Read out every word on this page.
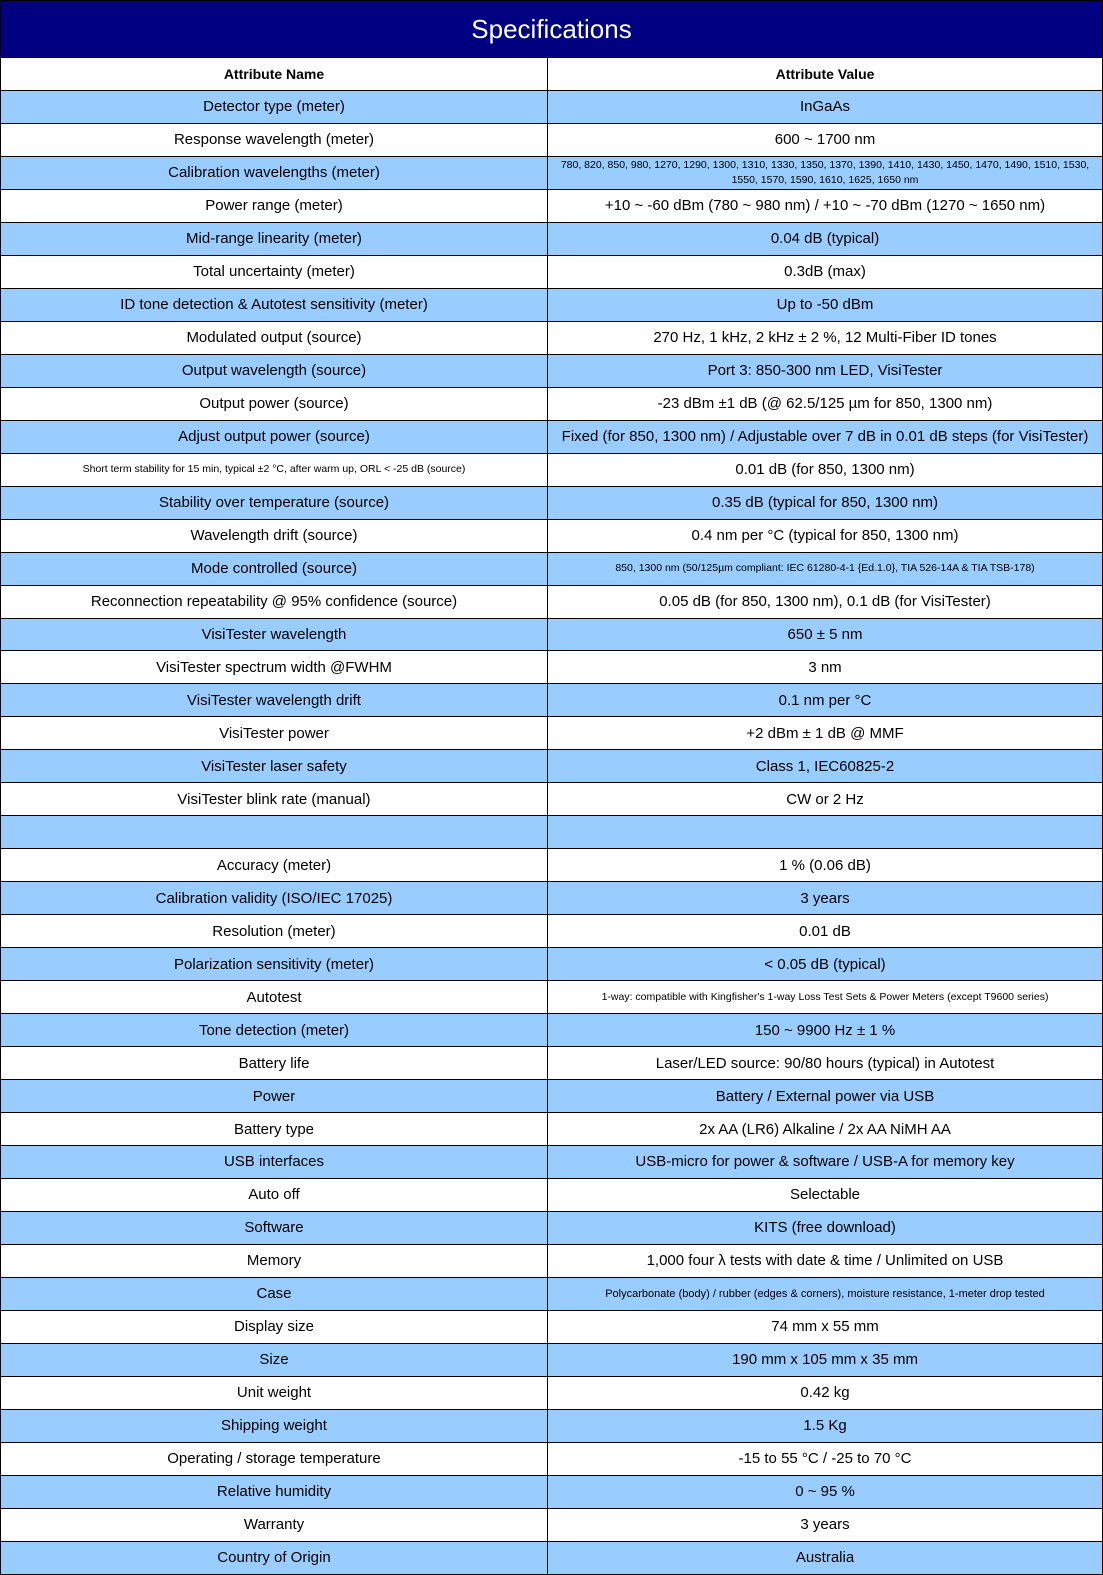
Specifications	
Attribute Name	Attribute Value
Detector type (meter)	InGaAs
Response wavelength (meter)	600 ~ 1700 nm
Calibration wavelengths (meter)	780, 820, 850, 980, 1270, 1290, 1300, 1310, 1330, 1350, 1370, 1390, 1410, 1430, 1450, 1470, 1490, 1510, 1530, 1550, 1570, 1590, 1610, 1625, 1650 nm
Power range (meter)	+10 ~ -60 dBm (780 ~ 980 nm) / +10 ~ -70 dBm (1270 ~ 1650 nm)
Mid-range linearity (meter)	0.04 dB (typical)
Total uncertainty (meter)	0.3dB (max)
ID tone detection & Autotest sensitivity (meter)	Up to -50 dBm
Modulated output (source)	270 Hz, 1 kHz, 2 kHz ± 2 %, 12 Multi-Fiber ID tones
Output wavelength (source)	Port 3: 850-300 nm LED, VisiTester
Output power (source)	-23 dBm ±1 dB (@ 62.5/125 µm for 850, 1300 nm)
Adjust output power (source)	Fixed (for 850, 1300 nm) / Adjustable over 7 dB in 0.01 dB steps (for VisiTester)
Short term stability for 15 min, typical ±2 °C, after warm up, ORL < -25 dB (source)	0.01 dB (for 850, 1300 nm)
Stability over temperature (source)	0.35 dB (typical for 850, 1300 nm)
Wavelength drift (source)	0.4 nm per °C (typical for 850, 1300 nm)
Mode controlled (source)	850, 1300 nm (50/125µm compliant: IEC 61280-4-1 {Ed.1.0}, TIA 526-14A & TIA TSB-178)
Reconnection repeatability @ 95% confidence (source)	0.05 dB (for 850, 1300 nm), 0.1 dB (for VisiTester)
VisiTester wavelength	650 ± 5 nm
VisiTester spectrum width @FWHM	3 nm
VisiTester wavelength drift	0.1 nm per °C
VisiTester power	+2 dBm ± 1 dB @ MMF
VisiTester laser safety	Class 1, IEC60825-2
VisiTester blink rate (manual)	CW or 2 Hz

Accuracy (meter)	1 % (0.06 dB)
Calibration validity (ISO/IEC 17025)	3 years
Resolution (meter)	0.01 dB
Polarization sensitivity (meter)	< 0.05 dB (typical)
Autotest	1-way: compatible with Kingfisher's 1-way Loss Test Sets & Power Meters (except T9600 series)
Tone detection (meter)	150 ~ 9900 Hz ± 1 %
Battery life	Laser/LED source: 90/80 hours (typical) in Autotest
Power	Battery / External power via USB
Battery type	2x AA (LR6) Alkaline / 2x AA NiMH AA
USB interfaces	USB-micro for power & software / USB-A for memory key
Auto off	Selectable
Software	KITS (free download)
Memory	1,000 four λ tests with date & time / Unlimited on USB
Case	Polycarbonate (body) / rubber (edges & corners), moisture resistance, 1-meter drop tested
Display size	74 mm x 55 mm
Size	190 mm x 105 mm x 35 mm
Unit weight	0.42 kg
Shipping weight	1.5 Kg
Operating / storage temperature	-15 to 55 °C / -25 to 70 °C
Relative humidity	0 ~ 95 %
Warranty	3 years
Country of Origin	Australia
